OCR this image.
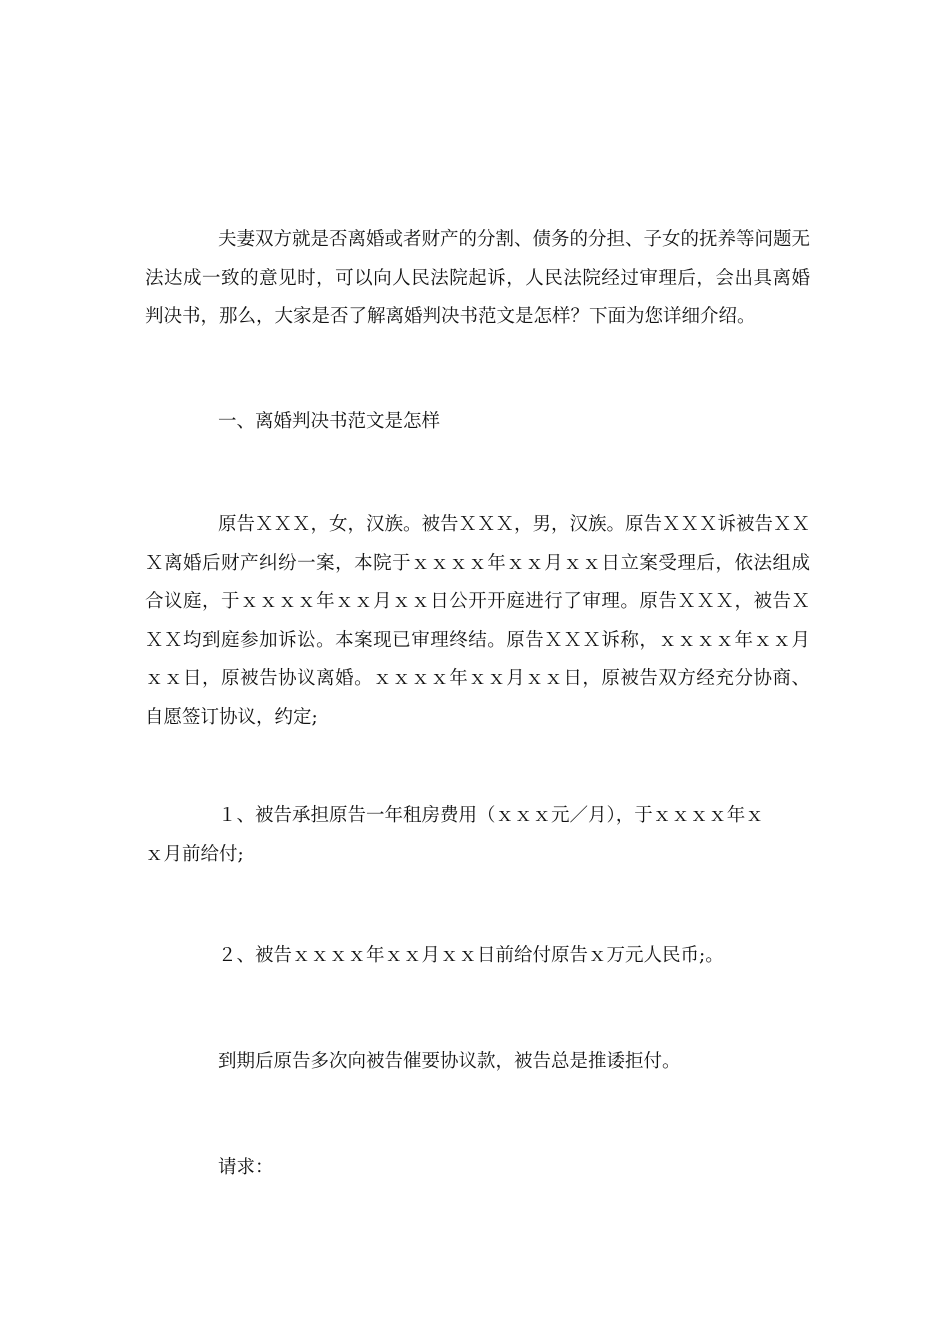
夫妻双方就是否离婚或者财产的分割、债务的分担、子女的抚养等问题无法达成一致的意见时，可以向人民法院起诉，人民法院经过审理后，会出具离婚判决书，那么，大家是否了解离婚判决书范文是怎样？下面为您详细介绍。

一、离婚判决书范文是怎样

原告ＸＸＸ，女，汉族。被告ＸＸＸ，男，汉族。原告ＸＸＸ诉被告ＸＸＸ离婚后财产纠纷一案，本院于ｘｘｘｘ年ｘｘ月ｘｘ日立案受理后，依法组成合议庭，于ｘｘｘｘ年ｘｘ月ｘｘ日公开开庭进行了审理。原告ＸＸＸ，被告ＸＸＸ均到庭参加诉讼。本案现已审理终结。原告ＸＸＸ诉称，ｘｘｘｘ年ｘｘ月ｘｘ日，原被告协议离婚。ｘｘｘｘ年ｘｘ月ｘｘ日，原被告双方经充分协商、自愿签订协议，约定;

１、被告承担原告一年租房费用（ｘｘｘ元／月），于ｘｘｘｘ年ｘ

ｘ月前给付;

２、被告ｘｘｘｘ年ｘｘ月ｘｘ日前给付原告ｘ万元人民币;。

到期后原告多次向被告催要协议款，被告总是推诿拒付。

请求：
